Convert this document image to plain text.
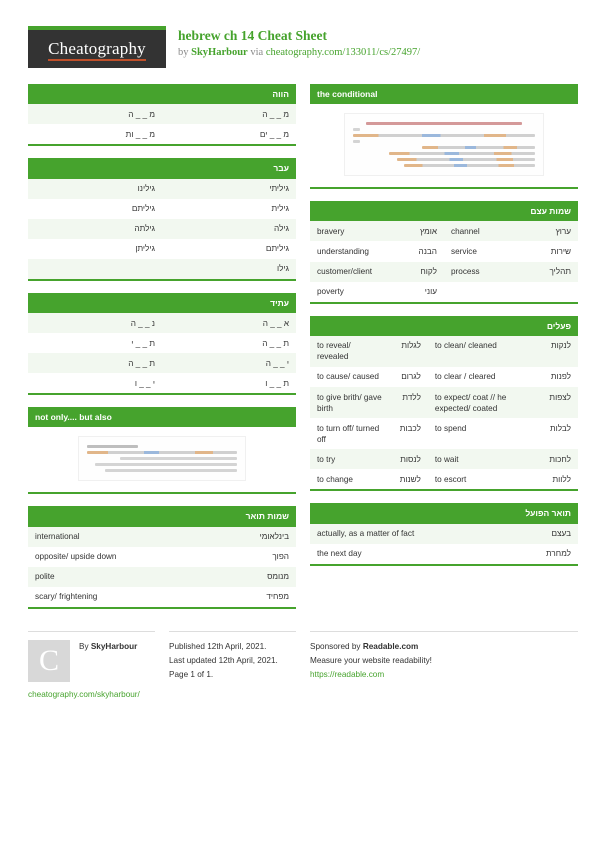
Cheatography
hebrew ch 14 Cheat Sheet
by SkyHarbour via cheatography.com/133011/cs/27497/
הווה
מ _ _ ה	מ _ _ ה
מ _ _ ות	מ _ _ ים
עבר
גילינו	גיליתי
גיליתם	גילית
גילתה	גילה
גיליתן	גיליתם
	גילו
עתיד
נ _ _ ה	א _ _ ה
ת _ _ י	ת _ _ ה
ת _ _ ה	י _ _ ה
י _ _ ו	ת _ _ ו
not only.... but also
שמות תואר
international	בינלאומי
opposite/ upside down	הפוך
polite	מנומס
scary/ frightening	מפחיד
the conditional
שמות עצם
bravery	אומץ	channel	ערוץ
understanding	הבנה	service	שירות
customer/client	לקוח	process	תהליך
poverty	עוני		
פעלים
to reveal/ revealed	לגלות	to clean/ cleaned	לנקות
to cause/ caused	לגרום	to clear / cleared	לפנות
to give brith/ gave birth	ללדת	to expect/ coat // he expected/ coated	לצפות
to turn off/ turned off	לכבות	to spend	לבלות
to try	לנסות	to wait	לחכות
to change	לשנות	to escort	ללוות
תואר הפועל
actually, as a matter of fact	בעצם
the next day	למחרת
C By SkyHarbour
cheatography.com/skyharbour/
Published 12th April, 2021.
Last updated 12th April, 2021.
Page 1 of 1.
Sponsored by Readable.com
Measure your website readability!
https://readable.com
